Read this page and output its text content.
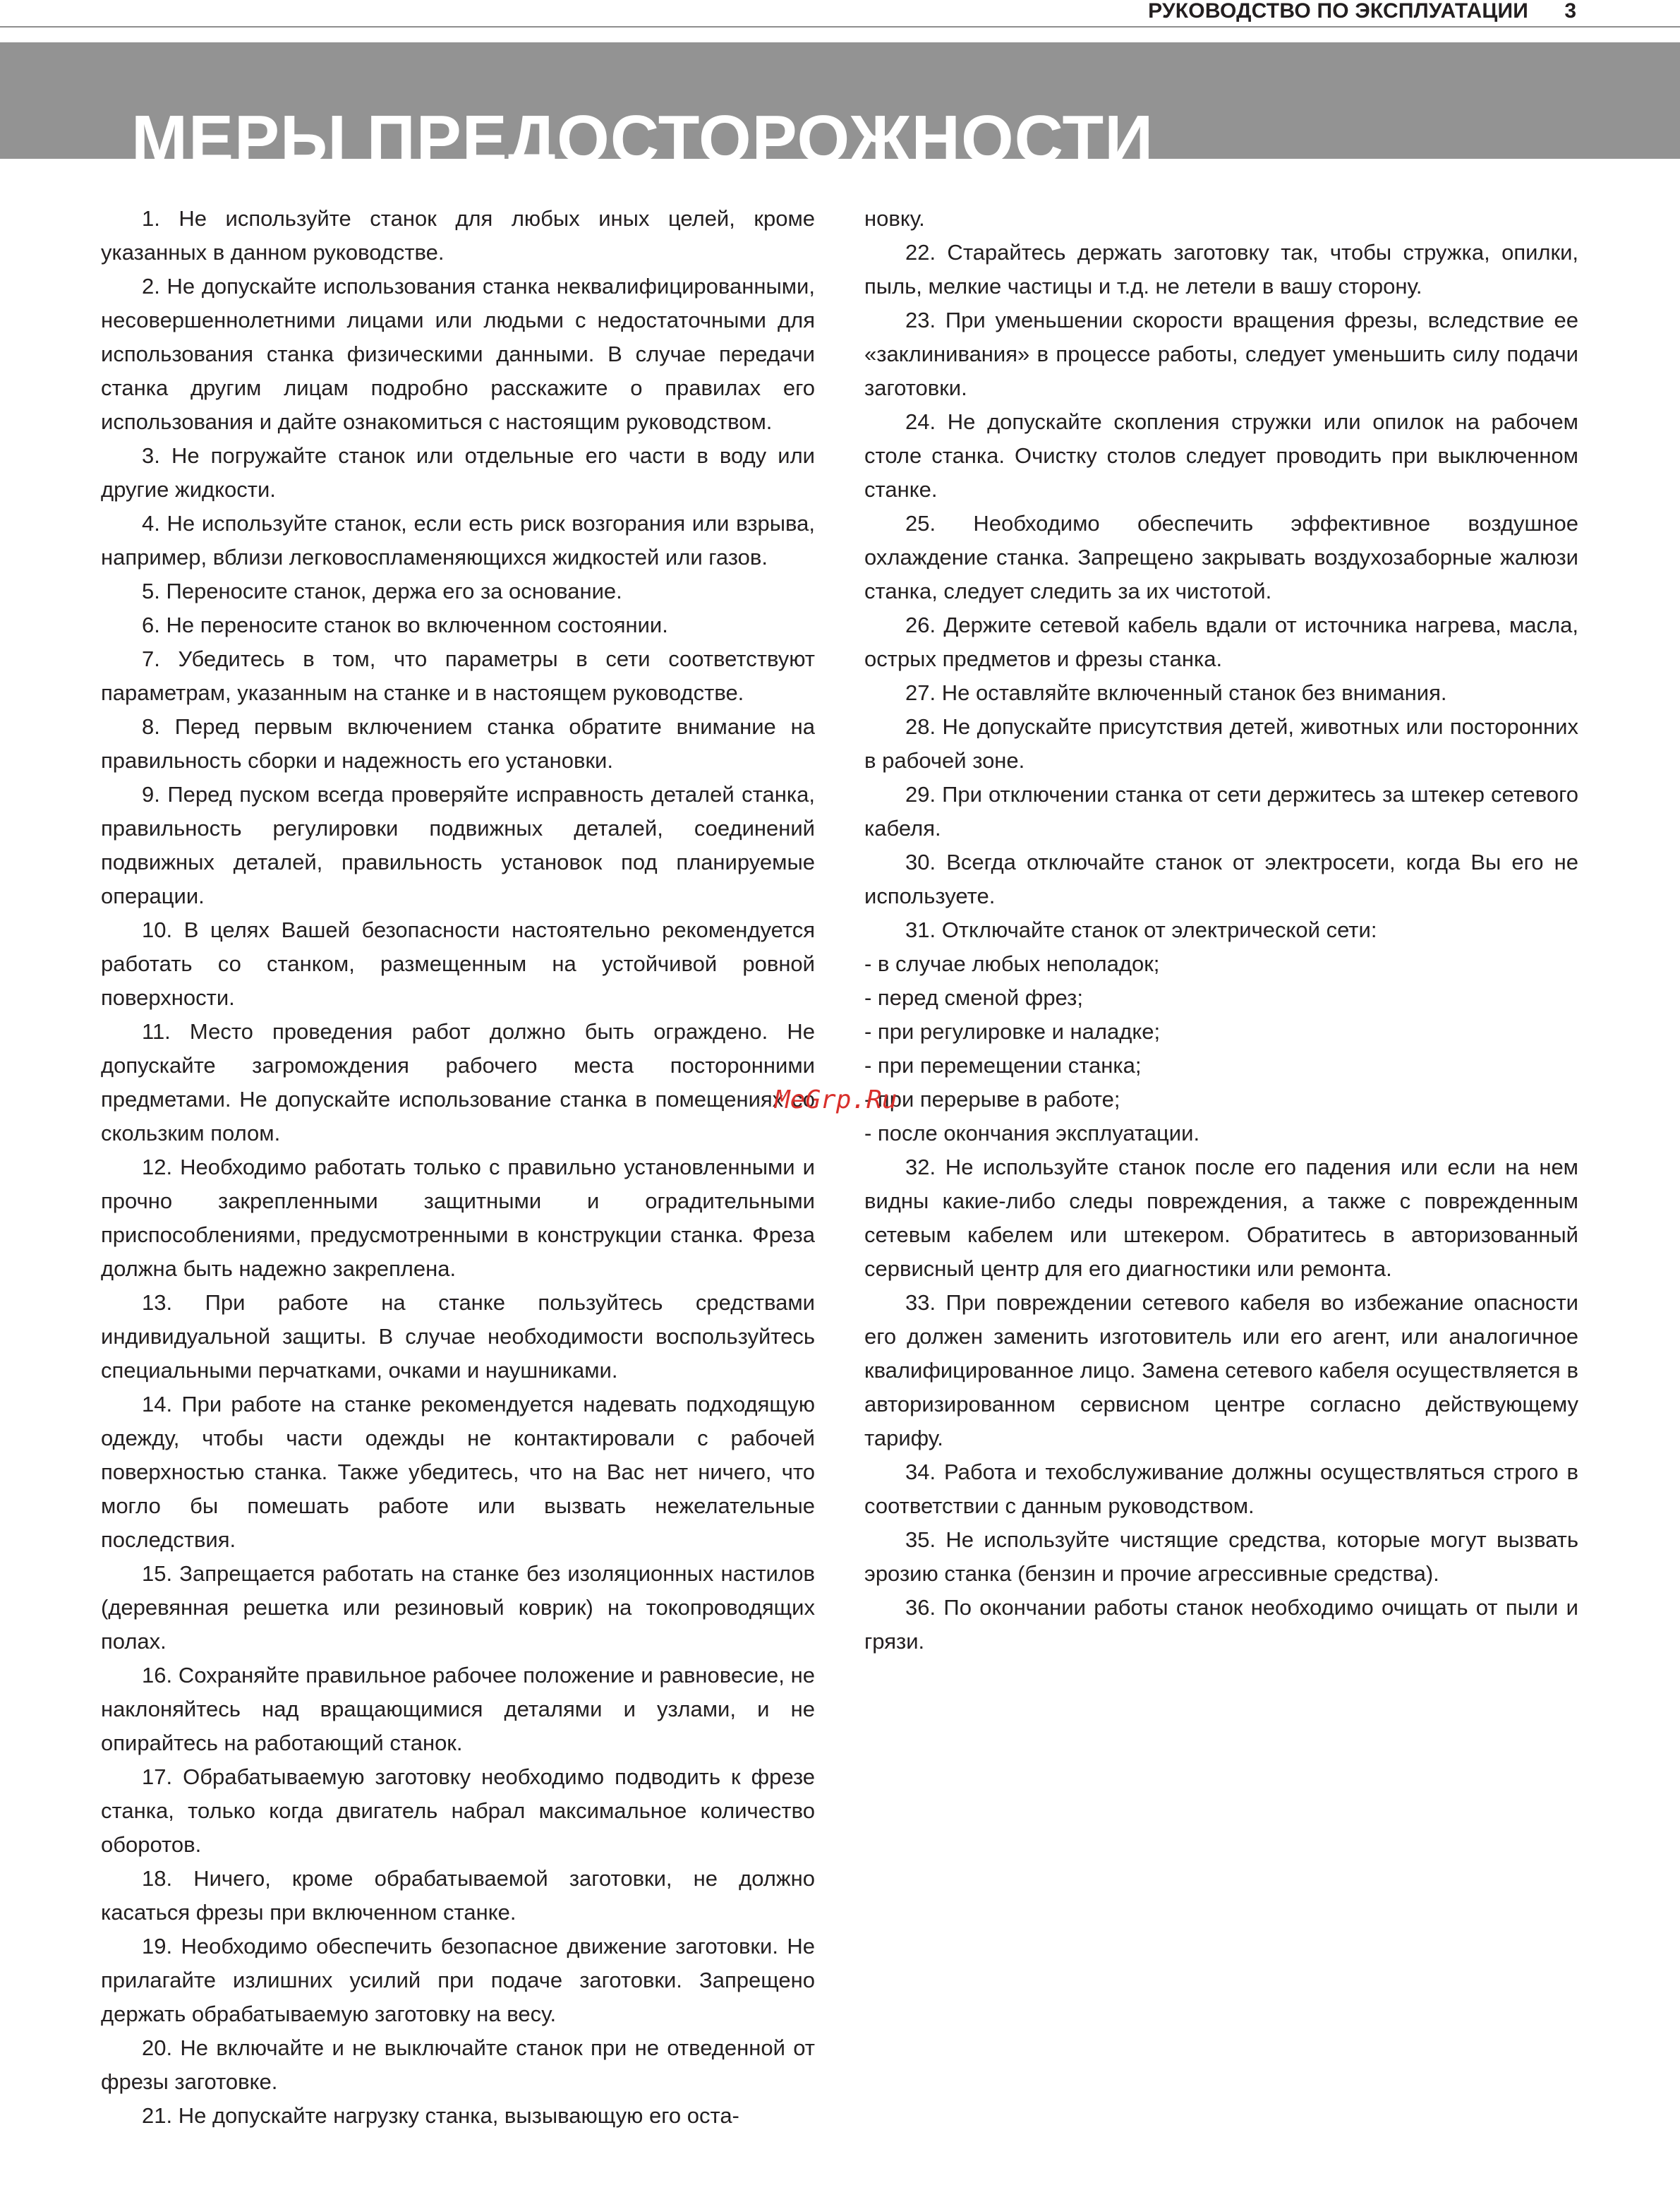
РУКОВОДСТВО ПО ЭКСПЛУАТАЦИИ 3
МЕРЫ ПРЕДОСТОРОЖНОСТИ

1. Не используйте станок для любых иных целей, кроме указанных в данном руководстве.

2. Не допускайте использования станка неквалифицированными, несовершеннолетними лицами или людьми с недостаточными для использования станка физическими данными. В случае передачи станка другим лицам подробно расскажите о правилах его использования и дайте ознакомиться с настоящим руководством.

3. Не погружайте станок или отдельные его части в воду или другие жидкости.

4. Не используйте станок, если есть риск возгорания или взрыва, например, вблизи легковоспламеняющихся жидкостей или газов.

5. Переносите станок, держа его за основание.

6. Не переносите станок во включенном состоянии.

7. Убедитесь в том, что параметры в сети соответствуют параметрам, указанным на станке и в настоящем руководстве.

8. Перед первым включением станка обратите внимание на правильность сборки и надежность его установки.

9. Перед пуском всегда проверяйте исправность деталей станка, правильность регулировки подвижных деталей, соединений подвижных деталей, правильность установок под планируемые операции.

10. В целях Вашей безопасности настоятельно рекомендуется работать со станком, размещенным на устойчивой ровной поверхности.

11. Место проведения работ должно быть ограждено. Не допускайте загромождения рабочего места посторонними предметами. Не допускайте использование станка в помещениях со скользким полом.

12. Необходимо работать только с правильно установленными и прочно закрепленными защитными и оградительными приспособлениями, предусмотренными в конструкции станка. Фреза должна быть надежно закреплена.

13. При работе на станке пользуйтесь средствами индивидуальной защиты. В случае необходимости воспользуйтесь специальными перчатками, очками и наушниками.

14. При работе на станке рекомендуется надевать подходящую одежду, чтобы части одежды не контактировали с рабочей поверхностью станка. Также убедитесь, что на Вас нет ничего, что могло бы помешать работе или вызвать нежелательные последствия.

15. Запрещается работать на станке без изоляционных настилов (деревянная решетка или резиновый коврик) на токопроводящих полах.

16. Сохраняйте правильное рабочее положение и равновесие, не наклоняйтесь над вращающимися деталями и узлами, и не опирайтесь на работающий станок.

17. Обрабатываемую заготовку необходимо подводить к фрезе станка, только когда двигатель набрал максимальное количество оборотов.

18. Ничего, кроме обрабатываемой заготовки, не должно касаться фрезы при включенном станке.

19. Необходимо обеспечить безопасное движение заготовки. Не прилагайте излишних усилий при подаче заготовки. Запрещено держать обрабатываемую заготовку на весу.

20. Не включайте и не выключайте станок при не отведенной от фрезы заготовке.

21. Не допускайте нагрузку станка, вызывающую его оста-

новку.

22. Старайтесь держать заготовку так, чтобы стружка, опилки, пыль, мелкие частицы и т.д. не летели в вашу сторону.

23. При уменьшении скорости вращения фрезы, вследствие ее «заклинивания» в процессе работы, следует уменьшить силу подачи заготовки.

24. Не допускайте скопления стружки или опилок на рабочем столе станка. Очистку столов следует проводить при выключенном станке.

25. Необходимо обеспечить эффективное воздушное охлаждение станка. Запрещено закрывать воздухозаборные жалюзи станка, следует следить за их чистотой.

26. Держите сетевой кабель вдали от источника нагрева, масла, острых предметов и фрезы станка.

27. Не оставляйте включенный станок без внимания.

28. Не допускайте присутствия детей, животных или посторонних в рабочей зоне.

29. При отключении станка от сети держитесь за штекер сетевого кабеля.

30. Всегда отключайте станок от электросети, когда Вы его не используете.

31. Отключайте станок от электрической сети:

- в случае любых неполадок;

- перед сменой фрез;

- при регулировке и наладке;

- при перемещении станка;

- при перерыве в работе;

- после окончания эксплуатации.

32. Не используйте станок после его падения или если на нем видны какие-либо следы повреждения, а также с поврежденным сетевым кабелем или штекером. Обратитесь в авторизованный сервисный центр для его диагностики или ремонта.

33. При повреждении сетевого кабеля во избежание опасности его должен заменить изготовитель или его агент, или аналогичное квалифицированное лицо. Замена сетевого кабеля осуществляется в авторизированном сервисном центре согласно действующему тарифу.

34. Работа и техобслуживание должны осуществляться строго в соответствии с данным руководством.

35. Не используйте чистящие средства, которые могут вызвать эрозию станка (бензин и прочие агрессивные средства).

36. По окончании работы станок необходимо очищать от пыли и грязи.

MeGrp.Ru
